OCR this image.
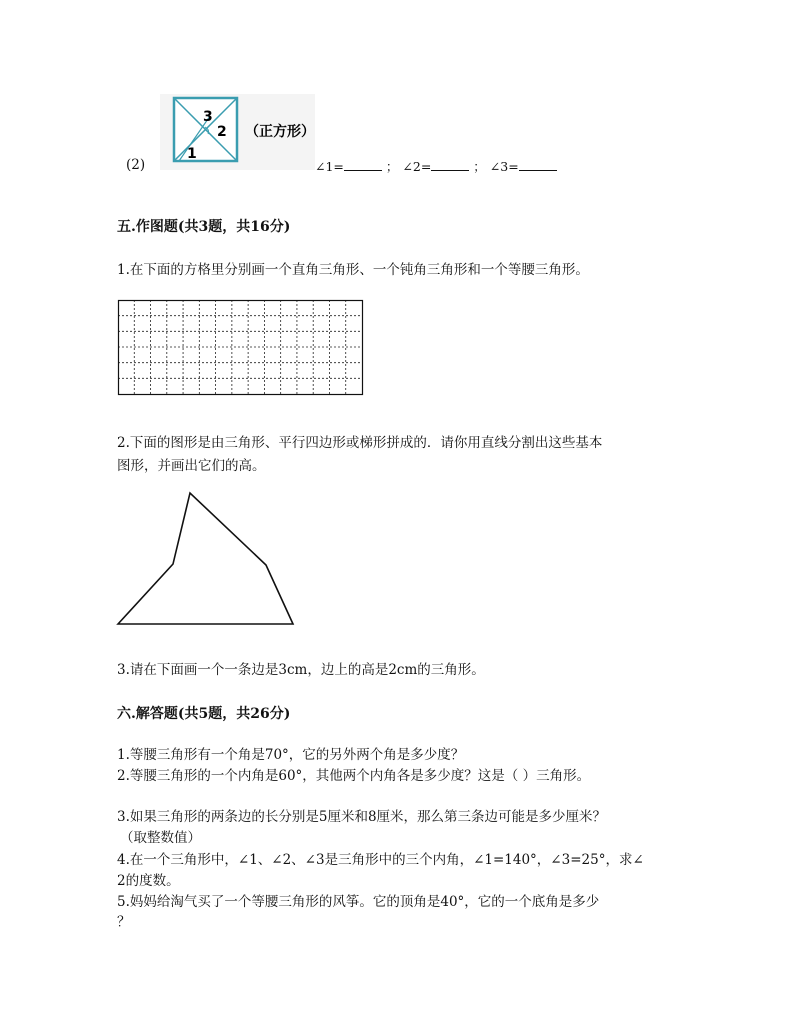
(2)
3
2
1
（正方形）
∠1=	； ∠2=	； ∠3=
五.作图题(共3题，共16分)
1.在下面的方格里分别画一个直角三角形、一个钝角三角形和一个等腰三角形。
2.下面的图形是由三角形、平行四边形或梯形拼成的．请你用直线分割出这些基本
图形，并画出它们的高。
3.请在下面画一个一条边是3cm，边上的高是2cm的三角形。
六.解答题(共5题，共26分)
1.等腰三角形有一个角是70°，它的另外两个角是多少度？
2.等腰三角形的一个内角是60°，其他两个内角各是多少度？这是（ ）三角形。
3.如果三角形的两条边的长分别是5厘米和8厘米，那么第三条边可能是多少厘米？
（取整数值）
4.在一个三角形中，∠1、∠2、∠3是三角形中的三个内角，∠1=140°，∠3=25°，求∠
2的度数。
5.妈妈给淘气买了一个等腰三角形的风筝。它的顶角是40°，它的一个底角是多少
？
